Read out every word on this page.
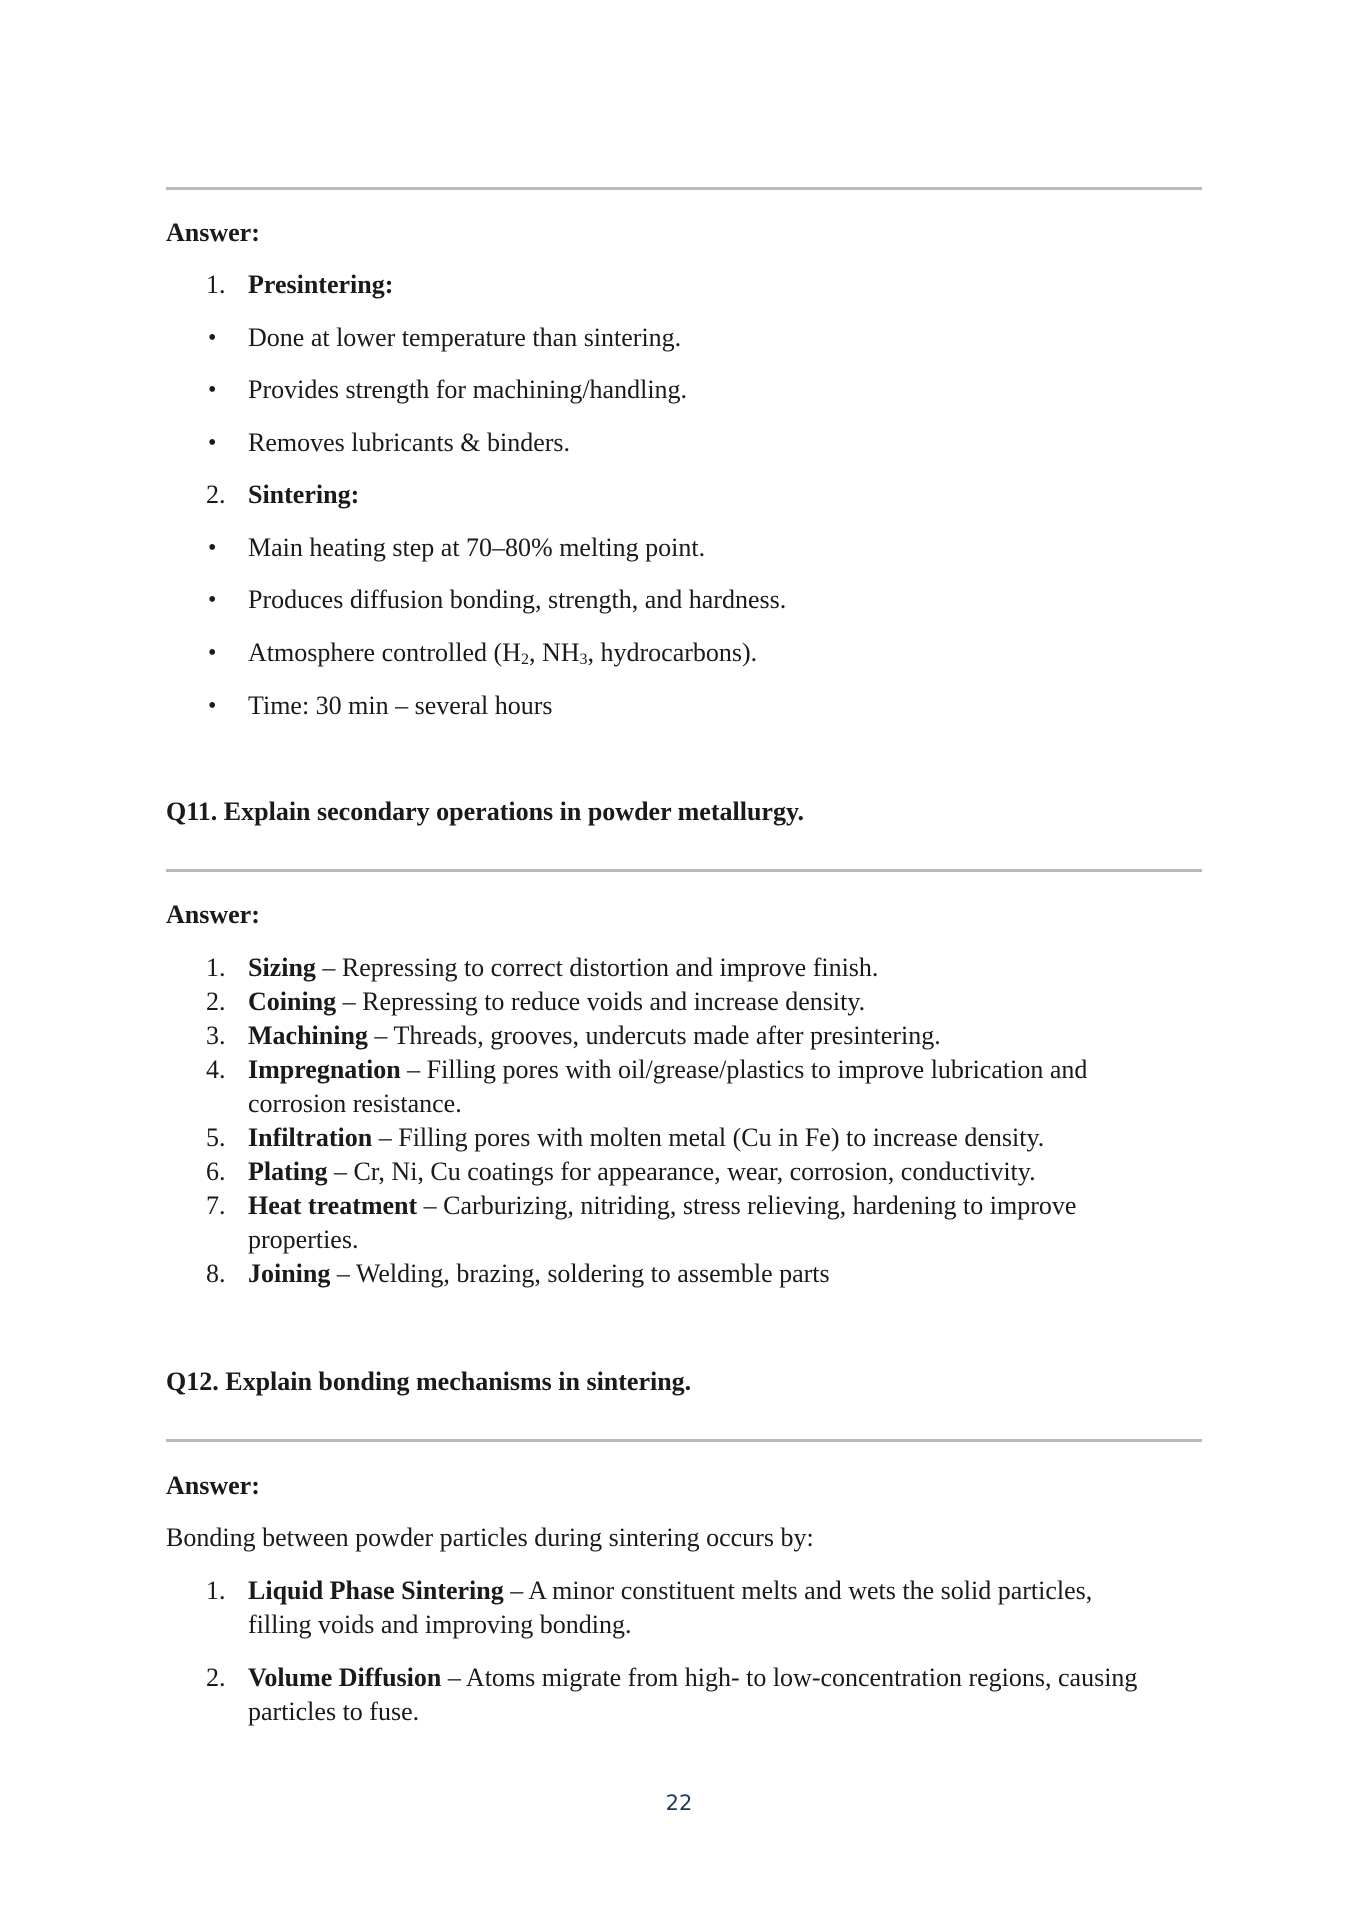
Answer:
1. Presintering:
• Done at lower temperature than sintering.
• Provides strength for machining/handling.
• Removes lubricants & binders.
2. Sintering:
• Main heating step at 70–80% melting point.
• Produces diffusion bonding, strength, and hardness.
• Atmosphere controlled ($H_2$, $NH_3$, hydrocarbons).
• Time: 30 min – several hours
Q11. Explain secondary operations in powder metallurgy.
Answer:
1. Sizing – Repressing to correct distortion and improve finish.
2. Coining – Repressing to reduce voids and increase density.
3. Machining – Threads, grooves, undercuts made after presintering.
4. Impregnation – Filling pores with oil/grease/plastics to improve lubrication and
corrosion resistance.
5. Infiltration – Filling pores with molten metal (Cu in Fe) to increase density.
6. Plating – Cr, Ni, Cu coatings for appearance, wear, corrosion, conductivity.
7. Heat treatment – Carburizing, nitriding, stress relieving, hardening to improve
properties.
8. Joining – Welding, brazing, soldering to assemble parts
Q12. Explain bonding mechanisms in sintering.
Answer:
Bonding between powder particles during sintering occurs by:
1. Liquid Phase Sintering – A minor constituent melts and wets the solid particles,
filling voids and improving bonding.
2. Volume Diffusion – Atoms migrate from high- to low-concentration regions, causing
particles to fuse.
22
